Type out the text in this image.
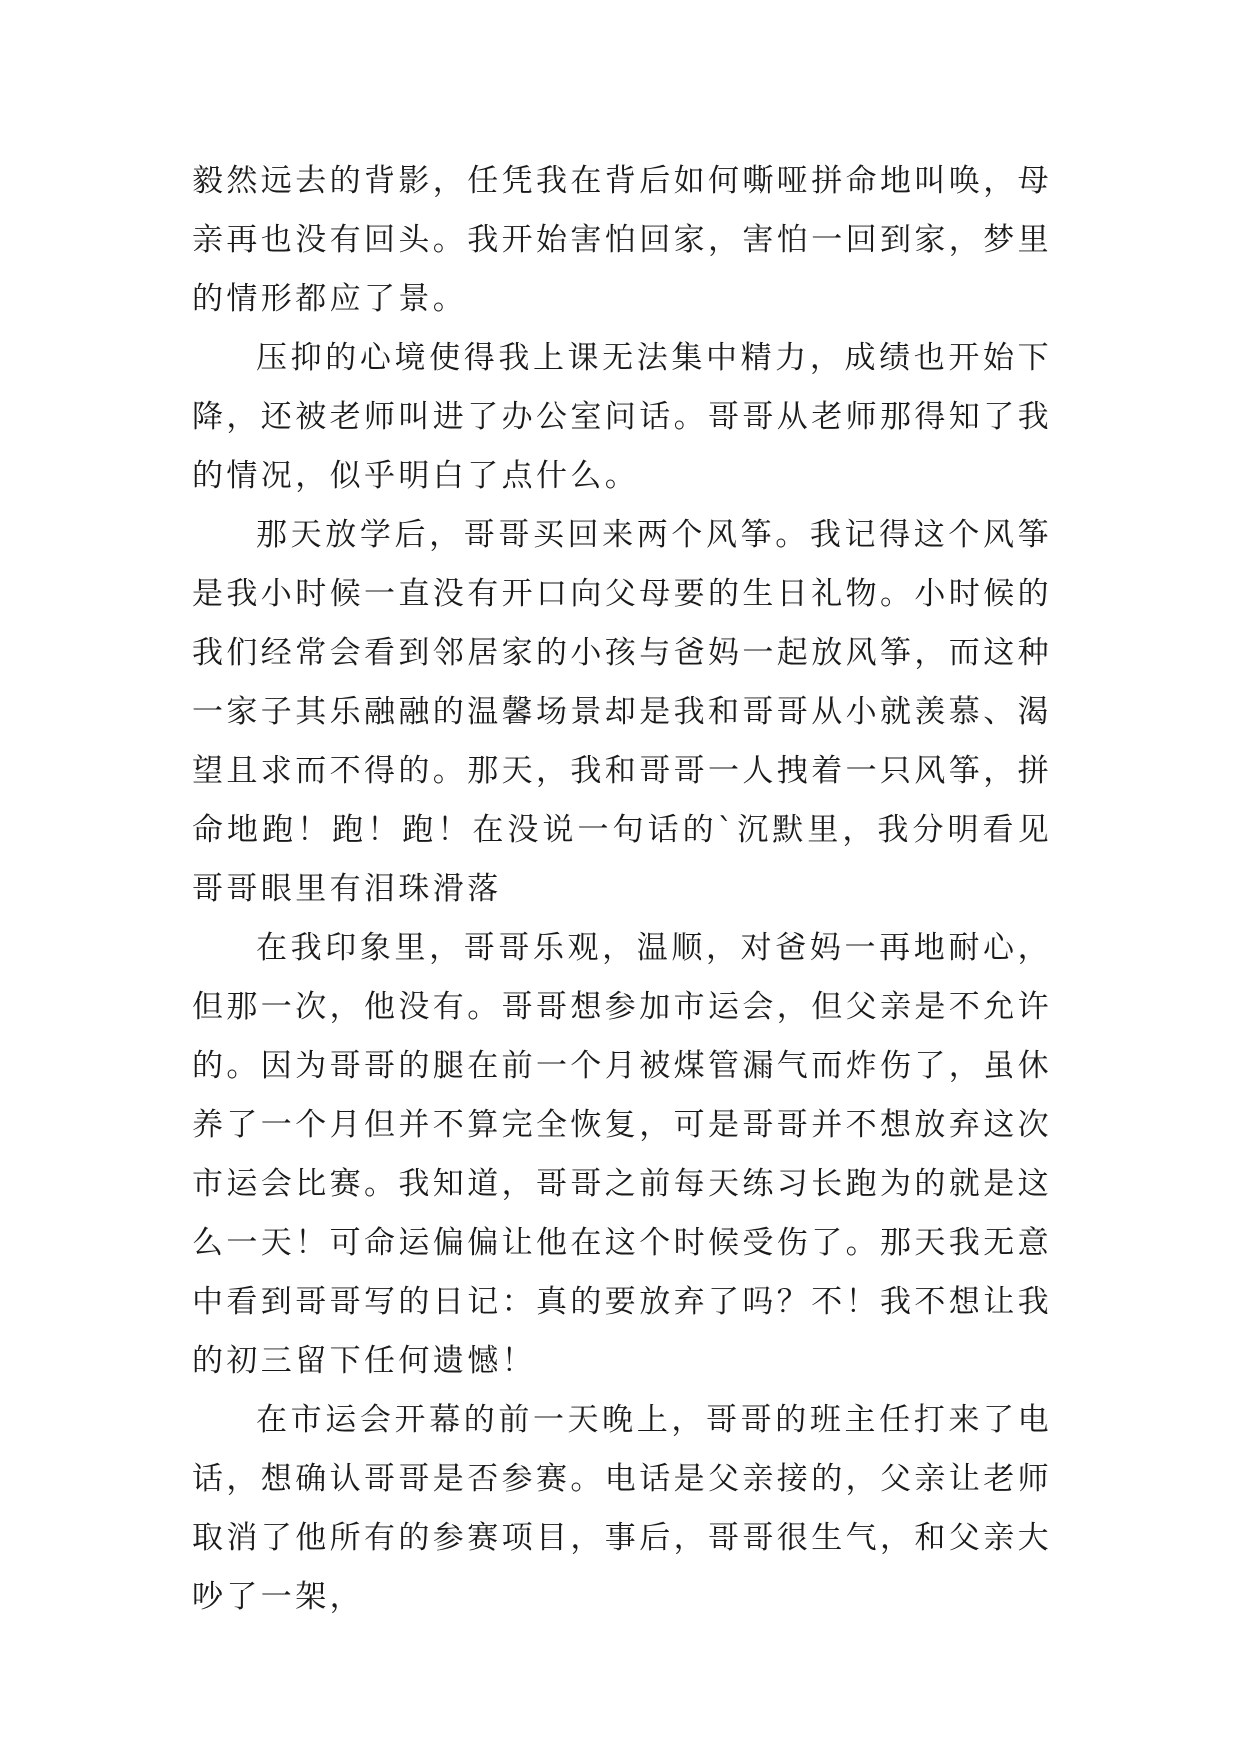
毅然远去的背影，任凭我在背后如何嘶哑拼命地叫唤，母亲再也没有回头。我开始害怕回家，害怕一回到家，梦里的情形都应了景。

压抑的心境使得我上课无法集中精力，成绩也开始下降，还被老师叫进了办公室问话。哥哥从老师那得知了我的情况，似乎明白了点什么。

那天放学后，哥哥买回来两个风筝。我记得这个风筝是我小时候一直没有开口向父母要的生日礼物。小时候的我们经常会看到邻居家的小孩与爸妈一起放风筝，而这种一家子其乐融融的温馨场景却是我和哥哥从小就羡慕、渴望且求而不得的。那天，我和哥哥一人拽着一只风筝，拼命地跑！跑！跑！在没说一句话的`沉默里，我分明看见哥哥眼里有泪珠滑落

在我印象里，哥哥乐观，温顺，对爸妈一再地耐心，但那一次，他没有。哥哥想参加市运会，但父亲是不允许的。因为哥哥的腿在前一个月被煤管漏气而炸伤了，虽休养了一个月但并不算完全恢复，可是哥哥并不想放弃这次市运会比赛。我知道，哥哥之前每天练习长跑为的就是这么一天！可命运偏偏让他在这个时候受伤了。那天我无意中看到哥哥写的日记：真的要放弃了吗？不！我不想让我的初三留下任何遗憾！

在市运会开幕的前一天晚上，哥哥的班主任打来了电话，想确认哥哥是否参赛。电话是父亲接的，父亲让老师取消了他所有的参赛项目，事后，哥哥很生气，和父亲大吵了一架，
